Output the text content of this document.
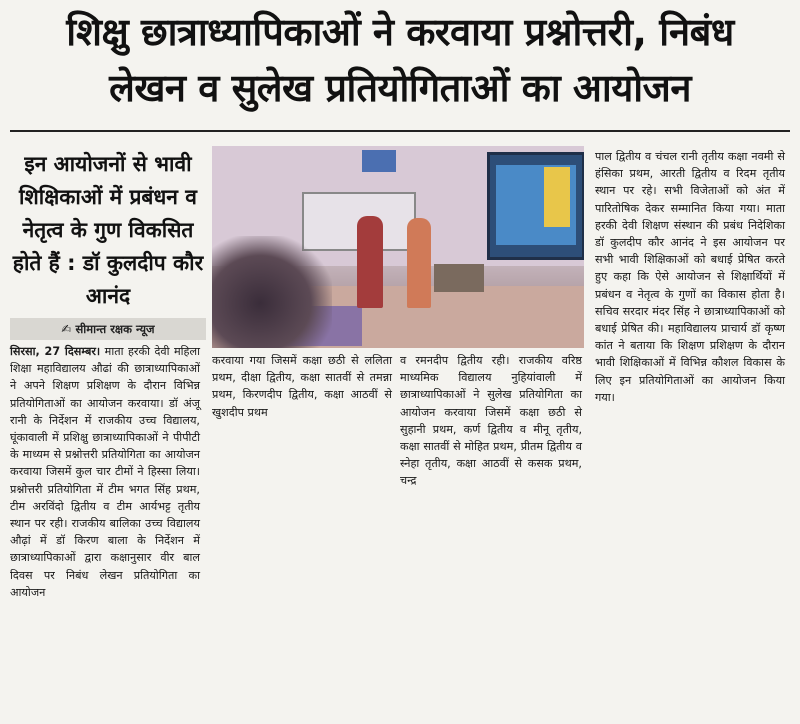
शिक्षु छात्राध्यापिकाओं ने करवाया प्रश्नोत्तरी, निबंध
लेखन व सुलेख प्रतियोगिताओं का आयोजन
इन आयोजनों से भावी शिक्षिकाओं में प्रबंधन व नेतृत्व के गुण विकसित होते हैं : डॉ कुलदीप कौर आनंद
✍ सीमान्त रक्षक न्यूज

सिरसा, 27 दिसम्बर। माता हरकी देवी महिला शिक्षा महाविद्यालय औढां की छात्राध्यापिकाओं ने अपने शिक्षण प्रशिक्षण के दौरान विभिन्न प्रतियोगिताओं का आयोजन करवाया। डॉ अंजू रानी के निर्देशन में राजकीय उच्च विद्यालय, घूंकावाली में प्रशिक्षु छात्राध्यापिकाओं ने पीपीटी के माध्यम से प्रश्नोत्तरी प्रतियोगिता का आयोजन करवाया जिसमें कुल चार टीमों ने हिस्सा लिया। प्रश्नोत्तरी प्रतियोगिता में टीम भगत सिंह प्रथम, टीम अरविंदो द्वितीय व टीम आर्यभट्ट तृतीय स्थान पर रही। राजकीय बालिका उच्च विद्यालय औढ़ां में डॉ किरण बाला के निर्देशन में छात्राध्यापिकाओं द्वारा कक्षानुसार वीर बाल दिवस पर निबंध लेखन प्रतियोगिता का आयोजन

करवाया गया जिसमें कक्षा छठी से ललिता प्रथम, दीक्षा द्वितीय, कक्षा सातवीं से तमन्ना प्रथम, किरणदीप द्वितीय, कक्षा आठवीं से खुशदीप प्रथम

व रमनदीप द्वितीय रही। राजकीय वरिष्ठ माध्यमिक विद्यालय नुहियांवाली में छात्राध्यापिकाओं ने सुलेख प्रतियोगिता का आयोजन करवाया जिसमें कक्षा छठी से सुहानी प्रथम, कर्ण द्वितीय व मीनू तृतीय, कक्षा सातवीं से मोहित प्रथम, प्रीतम द्वितीय व स्नेहा तृतीय, कक्षा आठवीं से कसक प्रथम, चन्द्र

पाल द्वितीय व चंचल रानी तृतीय कक्षा नवमी से हंसिका प्रथम, आरती द्वितीय व रिदम तृतीय स्थान पर रहे। सभी विजेताओं को अंत में पारितोषिक देकर सम्मानित किया गया। माता हरकी देवी शिक्षण संस्थान की प्रबंध निदेशिका डॉ कुलदीप कौर आनंद ने इस आयोजन पर सभी भावी शिक्षिकाओं को बधाई प्रेषित करते हुए कहा कि ऐसे आयोजन से शिक्षार्थियों में प्रबंधन व नेतृत्व के गुणों का विकास होता है। सचिव सरदार मंदर सिंह ने छात्राध्यापिकाओं को बधाई प्रेषित की। महाविद्यालय प्राचार्य डॉ कृष्ण कांत ने बताया कि शिक्षण प्रशिक्षण के दौरान भावी शिक्षिकाओं में विभिन्न कौशल विकास के लिए इन प्रतियोगिताओं का आयोजन किया गया।
